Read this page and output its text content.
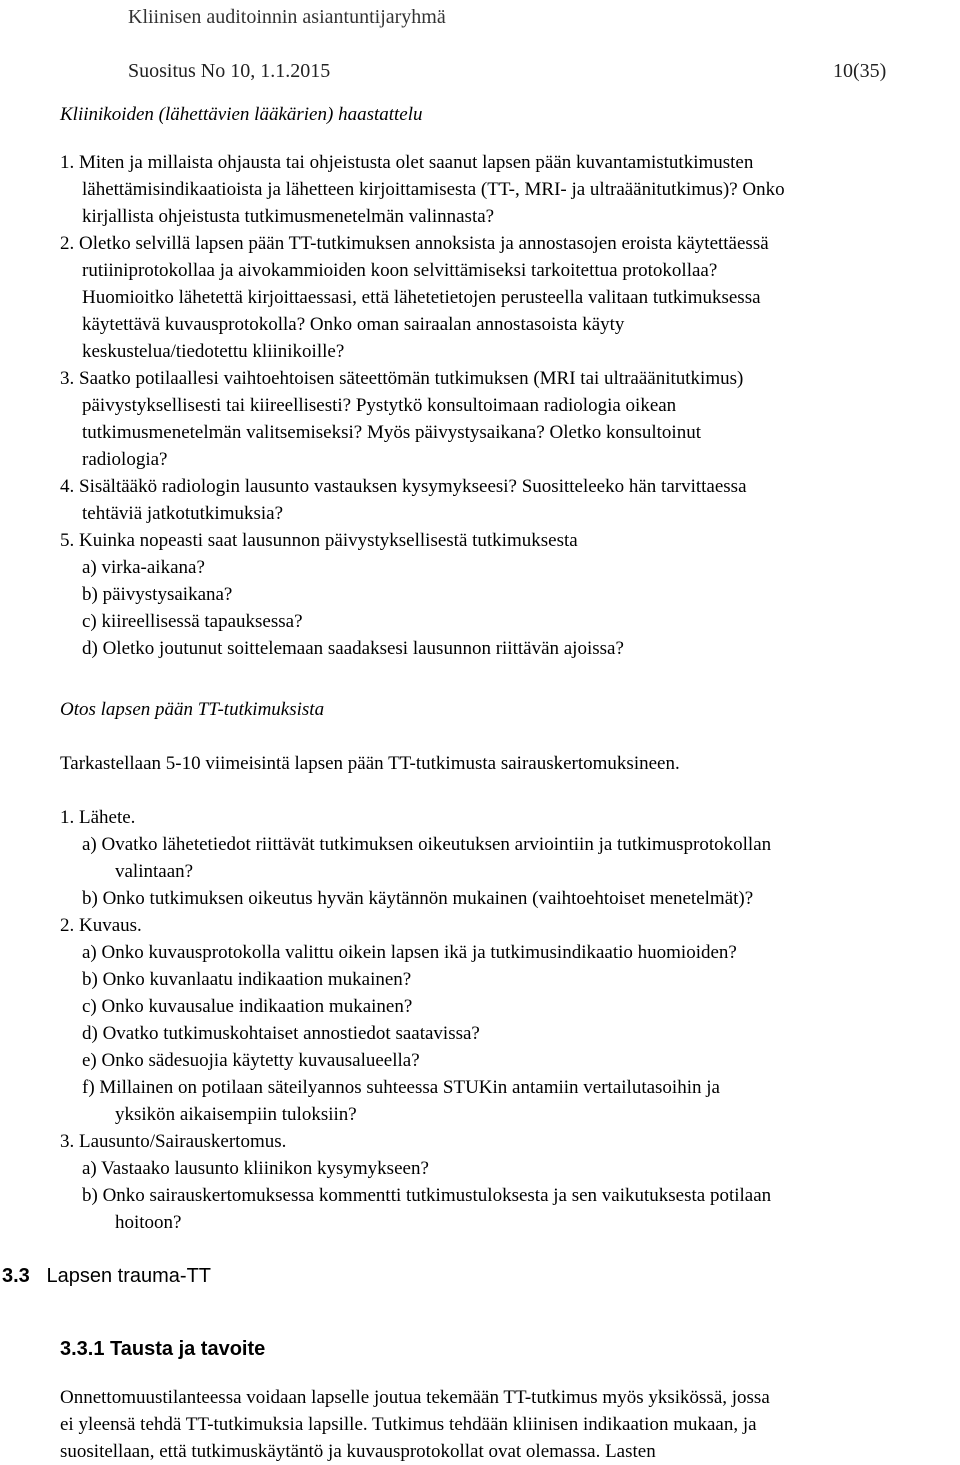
Kliinisen auditoinnin asiantuntijaryhmä
Suositus No 10, 1.1.2015	10(35)
Kliinikoiden (lähettävien lääkärien) haastattelu
1. Miten ja millaista ohjausta tai ohjeistusta olet saanut lapsen pään kuvantamistutkimusten
lähettämisindikaatioista ja lähetteen kirjoittamisesta (TT-, MRI- ja ultraäänitutkimus)? Onko
kirjallista ohjeistusta tutkimusmenetelmän valinnasta?
2. Oletko selvillä lapsen pään TT-tutkimuksen annoksista ja annostasojen eroista käytettäessä
rutiiniprotokollaa ja aivokammioiden koon selvittämiseksi tarkoitettua protokollaa?
Huomioitko lähetettä kirjoittaessasi, että lähetetietojen perusteella valitaan tutkimuksessa
käytettävä kuvausprotokolla? Onko oman sairaalan annostasoista käyty
keskustelua/tiedotettu kliinikoille?
3. Saatko potilaallesi vaihtoehtoisen säteettömän tutkimuksen (MRI tai ultraäänitutkimus)
päivystyksellisesti tai kiireellisesti? Pystytkö konsultoimaan radiologia oikean
tutkimusmenetelmän valitsemiseksi? Myös päivystysaikana? Oletko konsultoinut
radiologia?
4. Sisältääkö radiologin lausunto vastauksen kysymykseesi? Suositteleeko hän tarvittaessa
tehtäviä jatkotutkimuksia?
5. Kuinka nopeasti saat lausunnon päivystyksellisestä tutkimuksesta
a) virka-aikana?
b) päivystysaikana?
c) kiireellisessä tapauksessa?
d) Oletko joutunut soittelemaan saadaksesi lausunnon riittävän ajoissa?
Otos lapsen pään TT-tutkimuksista
Tarkastellaan 5-10 viimeisintä lapsen pään TT-tutkimusta sairauskertomuksineen.
1. Lähete.
a) Ovatko lähetetiedot riittävät tutkimuksen oikeutuksen arviointiin ja tutkimusprotokollan
valintaan?
b) Onko tutkimuksen oikeutus hyvän käytännön mukainen (vaihtoehtoiset menetelmät)?
2. Kuvaus.
a) Onko kuvausprotokolla valittu oikein lapsen ikä ja tutkimusindikaatio huomioiden?
b) Onko kuvanlaatu indikaation mukainen?
c) Onko kuvausalue indikaation mukainen?
d) Ovatko tutkimuskohtaiset annostiedot saatavissa?
e) Onko sädesuojia käytetty kuvausalueella?
f) Millainen on potilaan säteilyannos suhteessa STUKin antamiin vertailutasoihin ja
yksikön aikaisempiin tuloksiin?
3. Lausunto/Sairauskertomus.
a) Vastaako lausunto kliinikon kysymykseen?
b) Onko sairauskertomuksessa kommentti tutkimustuloksesta ja sen vaikutuksesta potilaan
hoitoon?
3.3 Lapsen trauma-TT
3.3.1 Tausta ja tavoite
Onnettomuustilanteessa voidaan lapselle joutua tekemään TT-tutkimus myös yksikössä, jossa
ei yleensä tehdä TT-tutkimuksia lapsille. Tutkimus tehdään kliinisen indikaation mukaan, ja
suositellaan, että tutkimuskäytäntö ja kuvausprotokollat ovat olemassa. Lasten
